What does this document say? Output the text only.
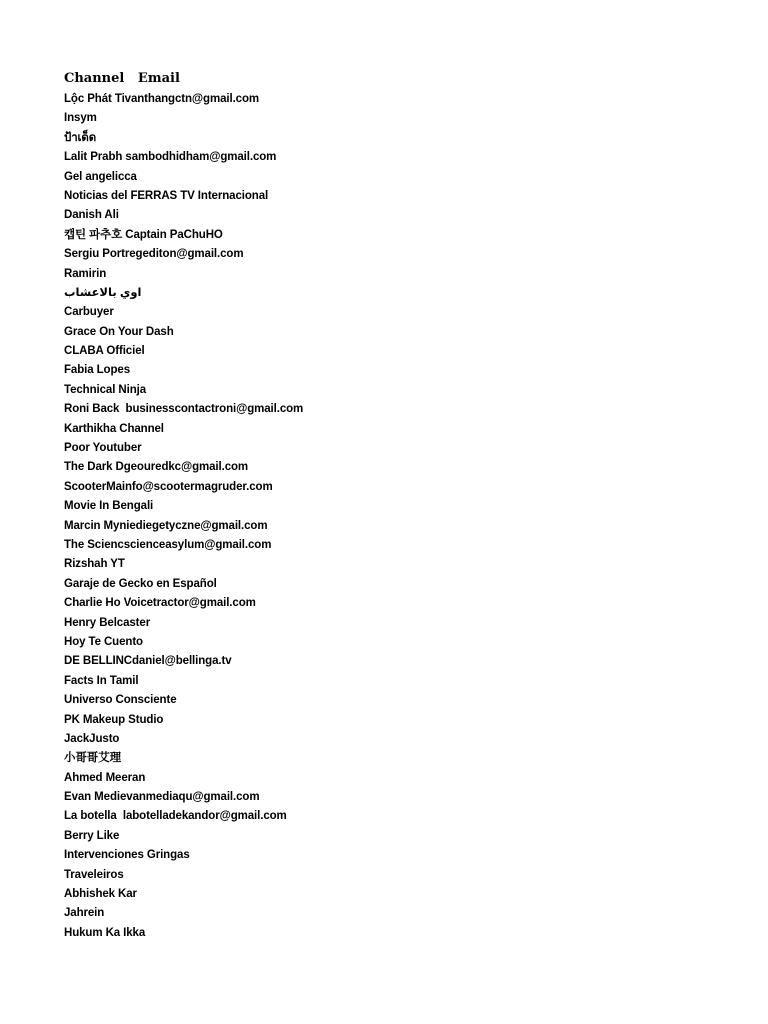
Channel Email
Lộc Phát Tivanthangctn@gmail.com
Insym
ป้าเด็ด
Lalit Prabh sambodhidham@gmail.com
Gel angelicca
Noticias del FERRAS TV Internacional
Danish Ali
캡틴 파추호 Captain PaChuHO
Sergiu Portregediton@gmail.com
Ramirin
اوي بالاعشاب
Carbuyer
Grace On Your Dash
CLABA Officiel
Fabia Lopes
Technical Ninja
Roni Back  businesscontactroni@gmail.com
Karthikha Channel
Poor Youtuber
The Dark Dgeouredkc@gmail.com
ScooterMainfo@scootermagruder.com
Movie In Bengali
Marcin Myniediegetyczne@gmail.com
The Sciencscienceasylum@gmail.com
Rizshah YT
Garaje de Gecko en Español
Charlie Ho Voicetractor@gmail.com
Henry Belcaster
Hoy Te Cuento
DE BELLINCdaniel@bellinga.tv
Facts In Tamil
Universo Consciente
PK Makeup Studio
JackJusto
小哥哥艾理
Ahmed Meeran
Evan Medievanmediaqu@gmail.com
La botella  labotelladekandor@gmail.com
Berry Like
Intervenciones Gringas
Traveleiros
Abhishek Kar
Jahrein
Hukum Ka Ikka
